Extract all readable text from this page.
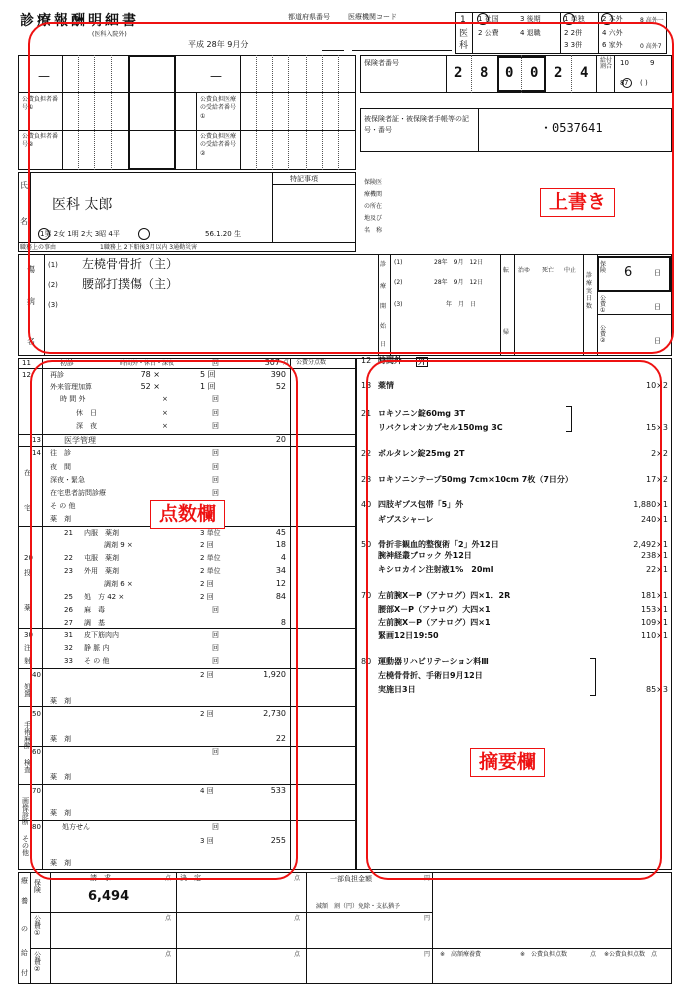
診療報酬明細書
(医科入院外)
平成 28年 9月分
都道府県番号	医療機関コード	1
医
科
1 社国	3 後期	1 単独 2 本外	8 高外一
2 公費	4 退職	2 2併	4 六外
3 3併	6 家外	0 高外7
—	—
公費負担者番号①
公費負担者番号②
公費負担医療の受給者番号①
公費負担医療の受給者番号②
保険者番号
2 8 0 0 2 4
給付割合 10	9
8 7 ( )
被保険者証・被保険者手帳等の記号・番号	・0537641
氏
名
医科 太郎
1男 2女 1明 2大 3昭 4平	56.1.20 生
特記事項
職務上の事由	1職務上 2下船後3月以内 3通勤災害
保険医
療機関
の所在
地及び
名　称
傷
病
名
(1) 左橈骨骨折（主）
(2) 腰部打撲傷（主）
(3)
診
療
開
始
日
(1)	28年　9月　12日
(2)	28年　9月　12日
(3)	年　月　日
転
帰
治ゆ 死亡 中止
診療実日数
保険	6	日
公費①	日
公費②	日
11	初診	時間外・休日・深夜	回	307 点 公費分点数
12	再診	78 ×	5 回	390
外来管理加算	52 ×	1 回	52
時 間 外	×	回
休　日	×	回
深　夜	×	回
13	医学管理	20
14 往　診	回
夜　間	回
深夜・緊急	回
在宅患者訪問診療	回
そ の 他
薬　剤
在
宅
20
投
薬
21 内服　薬剤	3 単位	45
調剤 9 ×	2 回	18
22 屯服　薬剤	2 単位	4
23 外用　薬剤	2 単位	34
調剤 6 ×	2 回	12
25 処　方 42 ×	2 回	84
26 麻　毒	回
27 調　基	8
30
注
射
31 皮下筋肉内	回
32 静 脈 内	回
33 そ の 他	回
40
処置
2 回	1,920
薬　剤
50
手術麻酔
2 回	2,730
薬　剤	22
60
検査
回
薬　剤
70
画像診断
4 回	533
薬　剤
80	処方せん
その他
回
3 回	255
薬　剤
12 時間外 外
13 薬情	10×2
21 ロキソニン錠60mg 3T
リバクレオンカプセル150mg 3C	15×3
22 ボルタレン錠25mg 2T	2×2
23 ロキソニンテープ50mg 7cm×10cm 7枚（7日分）	17×2
40 四肢ギプス包帯「5」外	1,880×1
ギプスシャーレ	240×1
50 骨折非観血的整復術「2」外12日	2,492×1
腕神経叢ブロック 外12日	238×1
キシロカイン注射液1%　20ml	22×1
70 左前腕X－P（アナログ）四×1．2R	181×1
腰部X－P（アナログ）大四×1	153×1
左前腕X－P（アナログ）四×1	109×1
緊画12日19:50	110×1
80 運動器リハビリテーション料Ⅲ
左橈骨骨折、手術日9月12日
実施日3日	85×3
療
養
の
給
付
保険
公費①
公費②
請　求	点
6,494
決　定	点	一部負担金額	円
減額　割（円）免除・支払猶予
点	点	円
点	点	円 ※　高額療養費	※　公費負担点数	点 ※公費負担点数　点
上書き
点数欄
摘要欄
